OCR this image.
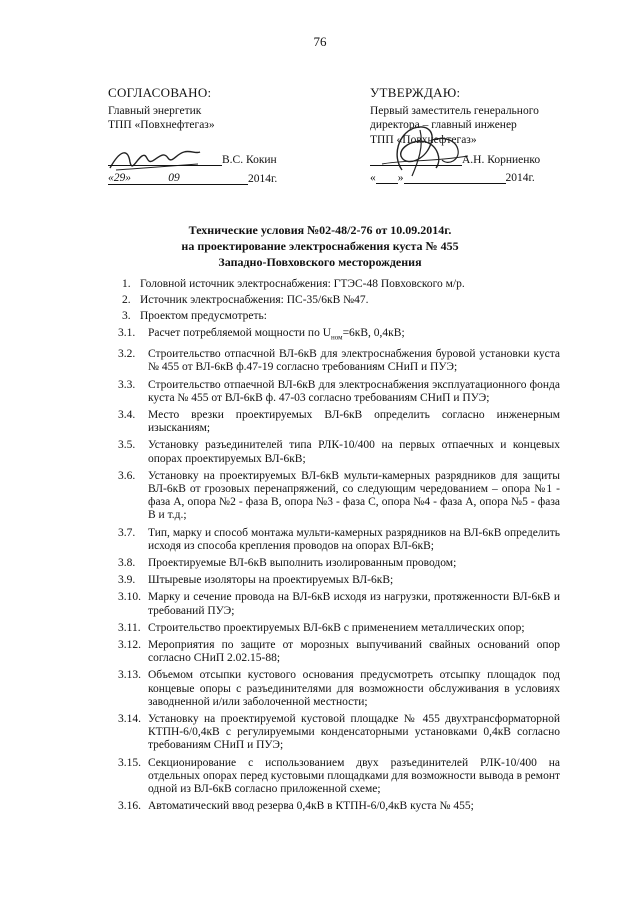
76
СОГЛАСОВАНО:
Главный энергетик
ТПП «Повхнефтегаз»
В.С. Кокин
«29»	09	2014г.
УТВЕРЖДАЮ:
Первый заместитель генерального
директора – главный инженер
ТПП «Повхнефтегаз»
А.Н. Корниенко
« »	2014г.
Технические условия №02-48/2-76 от 10.09.2014г.
на проектирование электроснабжения куста № 455
Западно-Повховского месторождения
1. Головной источник электроснабжения: ГТЭС-48 Повховского м/р.
2. Источник электроснабжения: ПС-35/6кВ №47.
3. Проектом предусмотреть:
3.1. Расчет потребляемой мощности по $U_{ном}=6кВ$, 0,4кВ;
3.2. Строительство отпасчной ВЛ-6кВ для электроснабжения буровой установки куста № 455 от ВЛ-6кВ ф.47-19 согласно требованиям СНиП и ПУЭ;
3.3. Строительство отпаечной ВЛ-6кВ для электроснабжения эксплуатационного фонда куста № 455 от ВЛ-6кВ ф. 47-03 согласно требованиям СНиП и ПУЭ;
3.4. Место врезки проектируемых ВЛ-6кВ определить согласно инженерным изысканиям;
3.5. Установку разъединителей типа РЛК-10/400 на первых отпаечных и концевых опорах проектируемых ВЛ-6кВ;
3.6. Установку на проектируемых ВЛ-6кВ мульти-камерных разрядников для защиты ВЛ-6кВ от грозовых перенапряжений, со следующим чередованием – опора №1 - фаза А, опора №2 - фаза В, опора №3 - фаза С, опора №4 - фаза А, опора №5 - фаза В и т.д.;
3.7. Тип, марку и способ монтажа мульти-камерных разрядников на ВЛ-6кВ определить исходя из способа крепления проводов на опорах ВЛ-6кВ;
3.8. Проектируемые ВЛ-6кВ выполнить изолированным проводом;
3.9. Штыревые изоляторы на проектируемых ВЛ-6кВ;
3.10. Марку и сечение провода на ВЛ-6кВ исходя из нагрузки, протяженности ВЛ-6кВ и требований ПУЭ;
3.11. Строительство проектируемых ВЛ-6кВ с применением металлических опор;
3.12. Мероприятия по защите от морозных выпучиваний свайных оснований опор согласно СНиП 2.02.15-88;
3.13. Объемом отсыпки кустового основания предусмотреть отсыпку площадок под концевые опоры с разъединителями для возможности обслуживания в условиях заводненной и/или заболоченной местности;
3.14. Установку на проектируемой кустовой площадке № 455 двухтрансформаторной КТПН-6/0,4кВ с регулируемыми конденсаторными установками 0,4кВ согласно требованиям СНиП и ПУЭ;
3.15. Секционирование с использованием двух разъединителей РЛК-10/400 на отдельных опорах перед кустовыми площадками для возможности вывода в ремонт одной из ВЛ-6кВ согласно приложенной схеме;
3.16. Автоматический ввод резерва 0,4кВ в КТПН-6/0,4кВ куста № 455;
